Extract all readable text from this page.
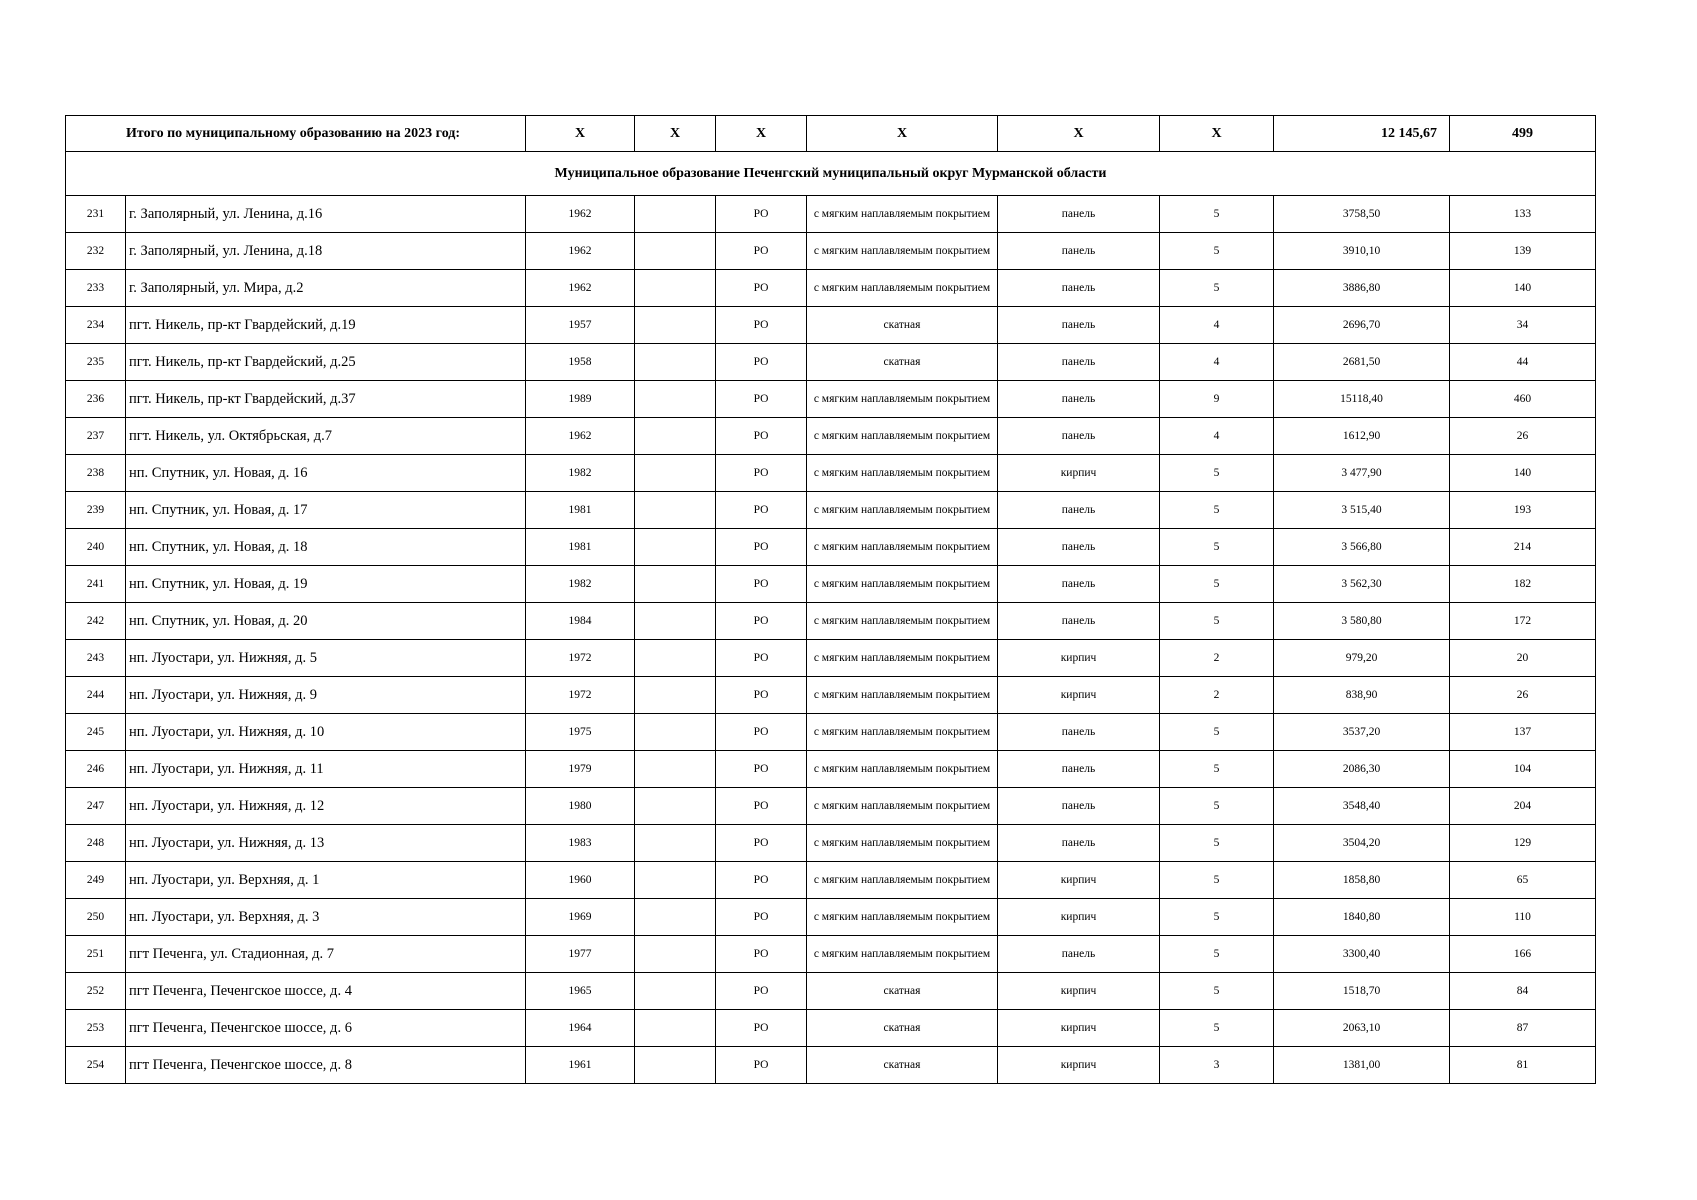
Итого по муниципальному образованию на 2023 год:		X	X	X	X	X	X	12 145,67	499
Муниципальное образование Печенгский муниципальный округ Мурманской области									
231	г. Заполярный, ул. Ленина, д.16	1962		РО	с мягким наплавляемым покрытием	панель	5	3758,50	133
232	г. Заполярный, ул. Ленина, д.18	1962		РО	с мягким наплавляемым покрытием	панель	5	3910,10	139
233	г. Заполярный, ул. Мира, д.2	1962		РО	с мягким наплавляемым покрытием	панель	5	3886,80	140
234	пгт. Никель, пр-кт Гвардейский, д.19	1957		РО	скатная	панель	4	2696,70	34
235	пгт. Никель, пр-кт Гвардейский, д.25	1958		РО	скатная	панель	4	2681,50	44
236	пгт. Никель, пр-кт Гвардейский, д.37	1989		РО	с мягким наплавляемым покрытием	панель	9	15118,40	460
237	пгт. Никель, ул. Октябрьская, д.7	1962		РО	с мягким наплавляемым покрытием	панель	4	1612,90	26
238	нп. Спутник, ул. Новая, д. 16	1982		РО	с мягким наплавляемым покрытием	кирпич	5	3 477,90	140
239	нп. Спутник, ул. Новая, д. 17	1981		РО	с мягким наплавляемым покрытием	панель	5	3 515,40	193
240	нп. Спутник, ул. Новая, д. 18	1981		РО	с мягким наплавляемым покрытием	панель	5	3 566,80	214
241	нп. Спутник, ул. Новая, д. 19	1982		РО	с мягким наплавляемым покрытием	панель	5	3 562,30	182
242	нп. Спутник, ул. Новая, д. 20	1984		РО	с мягким наплавляемым покрытием	панель	5	3 580,80	172
243	нп. Луостари, ул. Нижняя, д. 5	1972		РО	с мягким наплавляемым покрытием	кирпич	2	979,20	20
244	нп. Луостари, ул. Нижняя, д. 9	1972		РО	с мягким наплавляемым покрытием	кирпич	2	838,90	26
245	нп. Луостари, ул. Нижняя, д. 10	1975		РО	с мягким наплавляемым покрытием	панель	5	3537,20	137
246	нп. Луостари, ул. Нижняя, д. 11	1979		РО	с мягким наплавляемым покрытием	панель	5	2086,30	104
247	нп. Луостари, ул. Нижняя, д. 12	1980		РО	с мягким наплавляемым покрытием	панель	5	3548,40	204
248	нп. Луостари, ул. Нижняя, д. 13	1983		РО	с мягким наплавляемым покрытием	панель	5	3504,20	129
249	нп. Луостари, ул. Верхняя, д. 1	1960		РО	с мягким наплавляемым покрытием	кирпич	5	1858,80	65
250	нп. Луостари, ул. Верхняя, д. 3	1969		РО	с мягким наплавляемым покрытием	кирпич	5	1840,80	110
251	пгт Печенга, ул. Стадионная, д. 7	1977		РО	с мягким наплавляемым покрытием	панель	5	3300,40	166
252	пгт Печенга, Печенгское шоссе, д. 4	1965		РО	скатная	кирпич	5	1518,70	84
253	пгт Печенга, Печенгское шоссе, д. 6	1964		РО	скатная	кирпич	5	2063,10	87
254	пгт Печенга, Печенгское шоссе, д. 8	1961		РО	скатная	кирпич	3	1381,00	81
